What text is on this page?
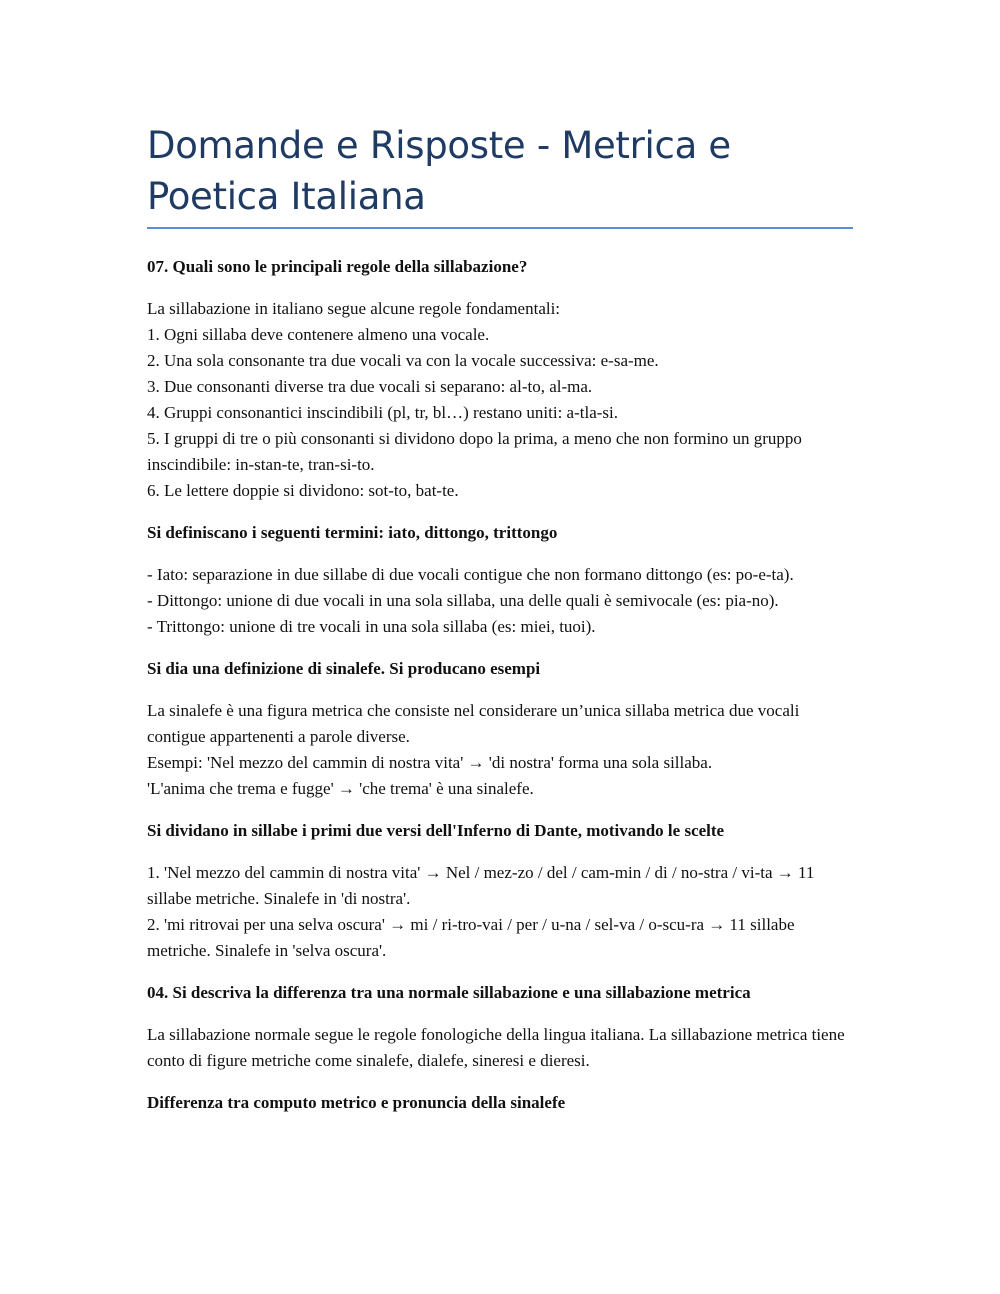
Domande e Risposte - Metrica e Poetica Italiana

07. Quali sono le principali regole della sillabazione?

La sillabazione in italiano segue alcune regole fondamentali:
1. Ogni sillaba deve contenere almeno una vocale.
2. Una sola consonante tra due vocali va con la vocale successiva: e-sa-me.
3. Due consonanti diverse tra due vocali si separano: al-to, al-ma.
4. Gruppi consonantici inscindibili (pl, tr, bl…) restano uniti: a-tla-si.
5. I gruppi di tre o più consonanti si dividono dopo la prima, a meno che non formino un gruppo inscindibile: in-stan-te, tran-si-to.
6. Le lettere doppie si dividono: sot-to, bat-te.

Si definiscano i seguenti termini: iato, dittongo, trittongo

- Iato: separazione in due sillabe di due vocali contigue che non formano dittongo (es: po-e-ta).
- Dittongo: unione di due vocali in una sola sillaba, una delle quali è semivocale (es: pia-no).
- Trittongo: unione di tre vocali in una sola sillaba (es: miei, tuoi).

Si dia una definizione di sinalefe. Si producano esempi

La sinalefe è una figura metrica che consiste nel considerare un’unica sillaba metrica due vocali contigue appartenenti a parole diverse.
Esempi: 'Nel mezzo del cammin di nostra vita' → 'di nostra' forma una sola sillaba.
'L'anima che trema e fugge' → 'che trema' è una sinalefe.

Si dividano in sillabe i primi due versi dell'Inferno di Dante, motivando le scelte

1. 'Nel mezzo del cammin di nostra vita' → Nel / mez-zo / del / cam-min / di / no-stra / vi-ta → 11 sillabe metriche. Sinalefe in 'di nostra'.
2. 'mi ritrovai per una selva oscura' → mi / ri-tro-vai / per / u-na / sel-va / o-scu-ra → 11 sillabe metriche. Sinalefe in 'selva oscura'.

04. Si descriva la differenza tra una normale sillabazione e una sillabazione metrica

La sillabazione normale segue le regole fonologiche della lingua italiana. La sillabazione metrica tiene conto di figure metriche come sinalefe, dialefe, sineresi e dieresi.

Differenza tra computo metrico e pronuncia della sinalefe
